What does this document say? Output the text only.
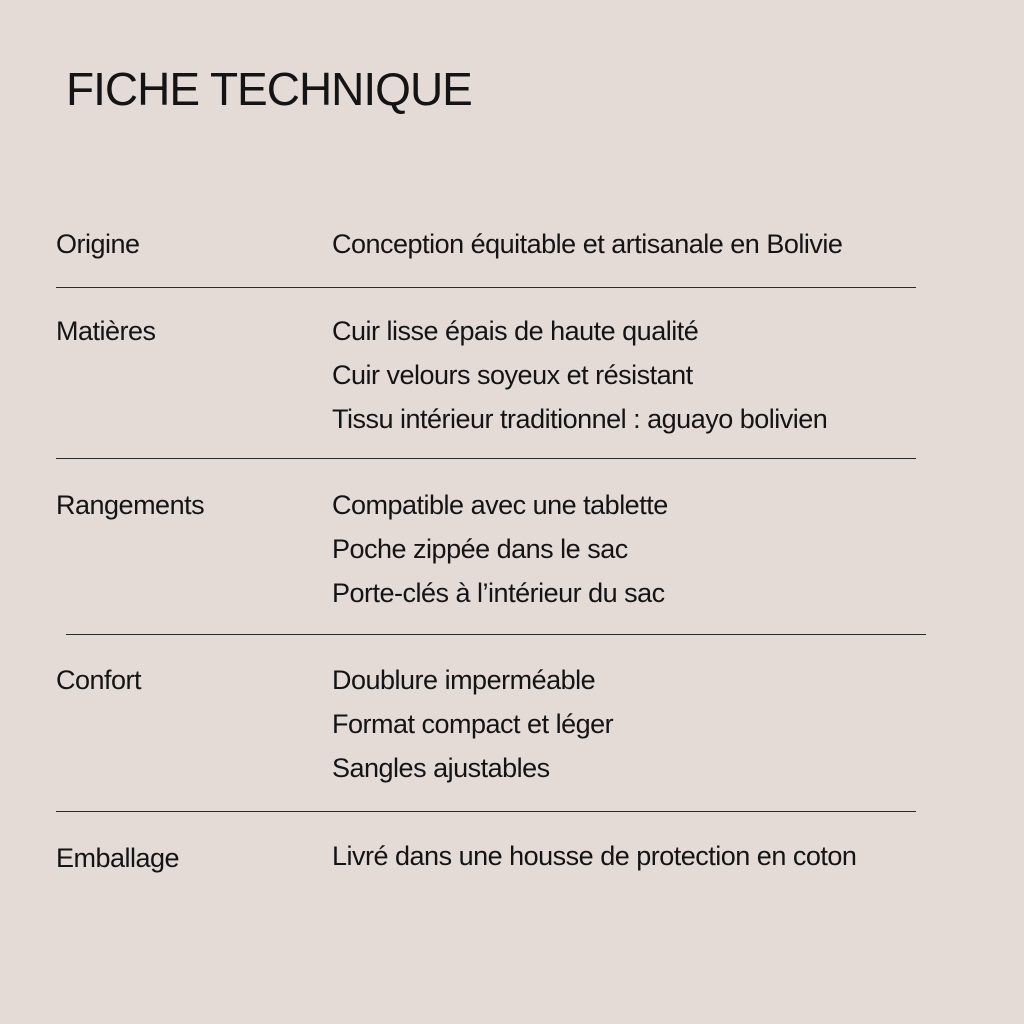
FICHE TECHNIQUE
Origine	Conception équitable et artisanale en Bolivie
Matières	Cuir lisse épais de haute qualité
Cuir velours soyeux et résistant
Tissu intérieur traditionnel : aguayo bolivien
Rangements	Compatible avec une tablette
Poche zippée dans le sac
Porte-clés à l’intérieur du sac
Confort	Doublure imperméable
Format compact et léger
Sangles ajustables
Emballage	Livré dans une housse de protection en coton
